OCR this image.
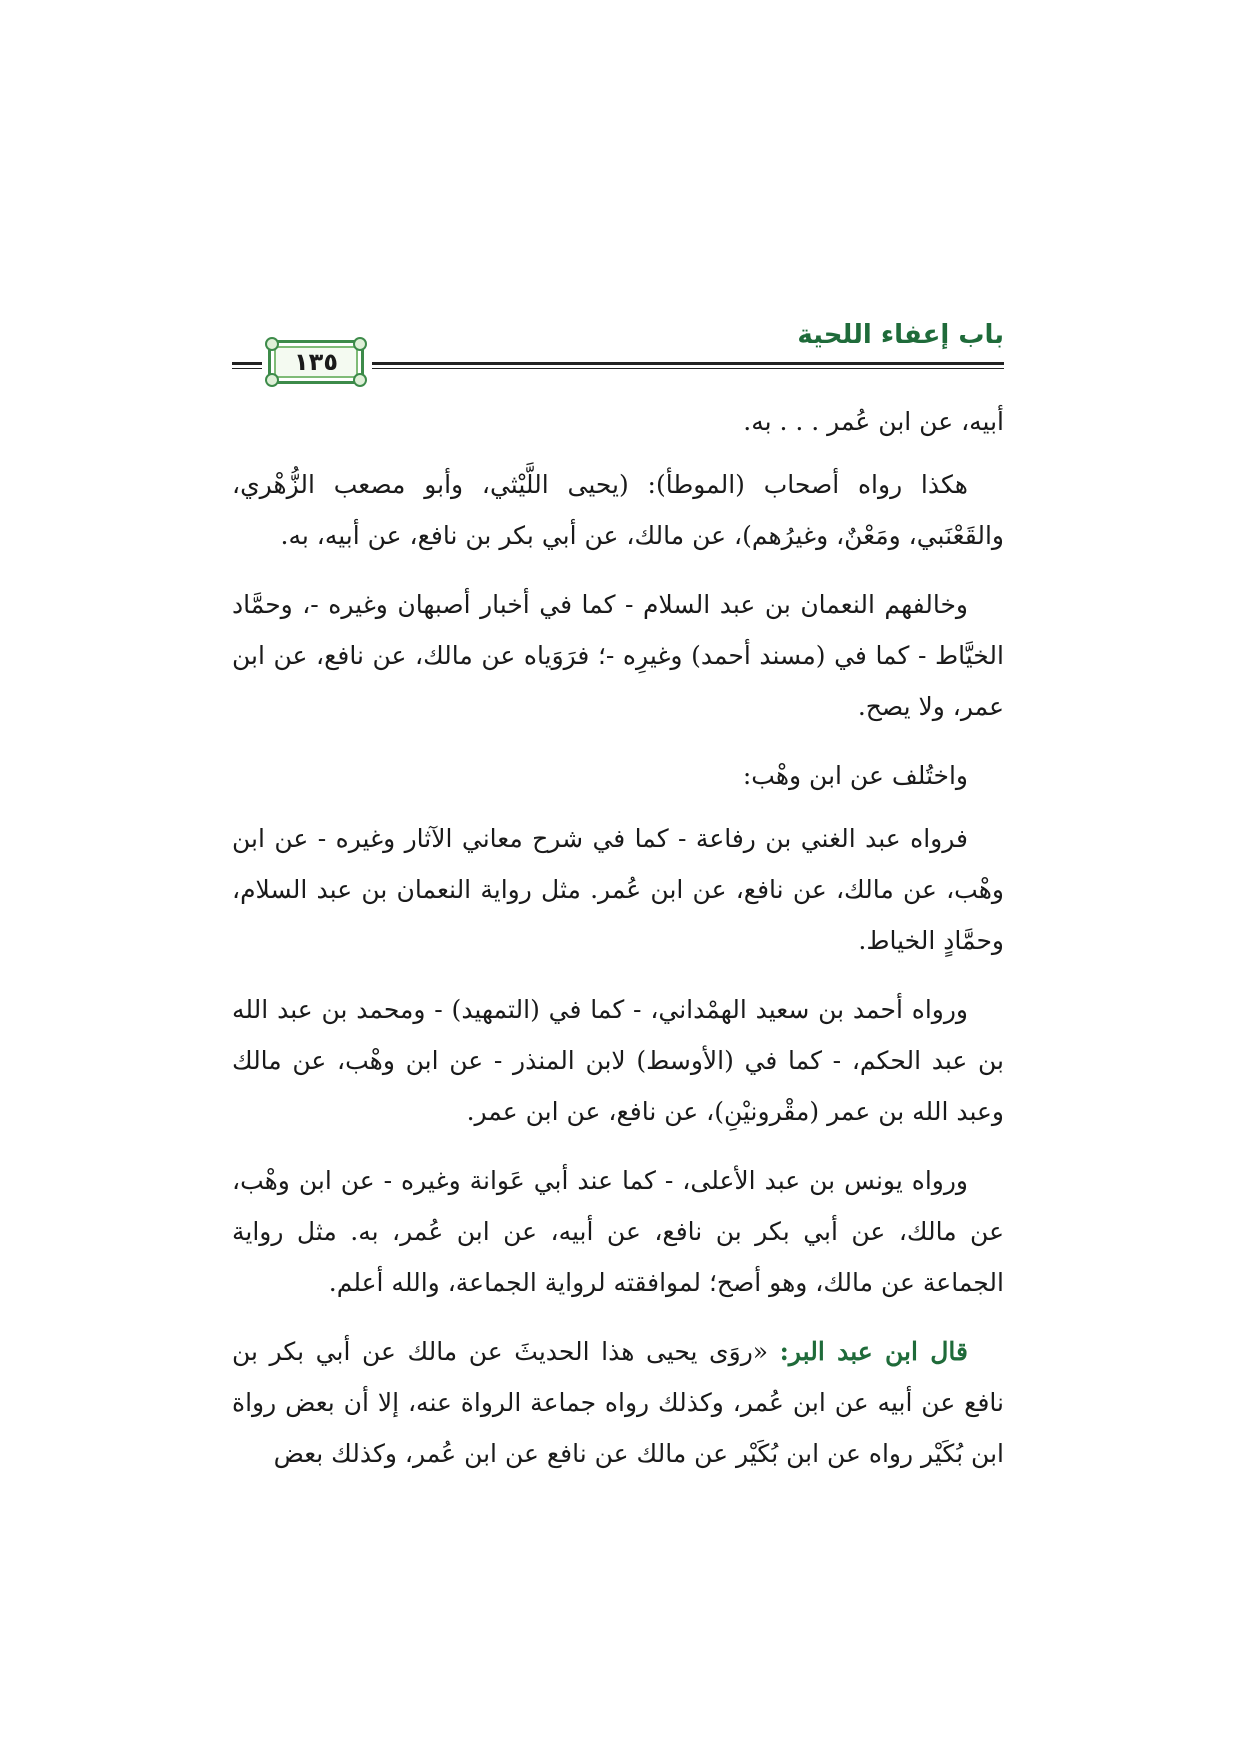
باب إعفاء اللحية
١٣٥

أبيه، عن ابن عُمر . . . به.

هكذا رواه أصحاب (الموطأ): (يحيى اللَّيْثي، وأبو مصعب الزُّهْري، والقَعْنَبي، ومَعْنٌ، وغيرُهم)، عن مالك، عن أبي بكر بن نافع، عن أبيه، به.

وخالفهم النعمان بن عبد السلام - كما في أخبار أصبهان وغيره -، وحمَّاد الخيَّاط - كما في (مسند أحمد) وغيرِه -؛ فرَوَياه عن مالك، عن نافع، عن ابن عمر، ولا يصح.

واختُلف عن ابن وهْب:

فرواه عبد الغني بن رفاعة - كما في شرح معاني الآثار وغيره - عن ابن وهْب، عن مالك، عن نافع، عن ابن عُمر. مثل رواية النعمان بن عبد السلام، وحمَّادٍ الخياط.

ورواه أحمد بن سعيد الهمْداني، - كما في (التمهيد) - ومحمد بن عبد الله بن عبد الحكم، - كما في (الأوسط) لابن المنذر - عن ابن وهْب، عن مالك وعبد الله بن عمر (مقْرونيْنِ)، عن نافع، عن ابن عمر.

ورواه يونس بن عبد الأعلى، - كما عند أبي عَوانة وغيره - عن ابن وهْب، عن مالك، عن أبي بكر بن نافع، عن أبيه، عن ابن عُمر، به. مثل رواية الجماعة عن مالك، وهو أصح؛ لموافقته لرواية الجماعة، والله أعلم.

قال ابن عبد البر: «روَى يحيى هذا الحديثَ عن مالك عن أبي بكر بن نافع عن أبيه عن ابن عُمر، وكذلك رواه جماعة الرواة عنه، إلا أن بعض رواة ابن بُكَيْر رواه عن ابن بُكَيْر عن مالك عن نافع عن ابن عُمر، وكذلك بعض
